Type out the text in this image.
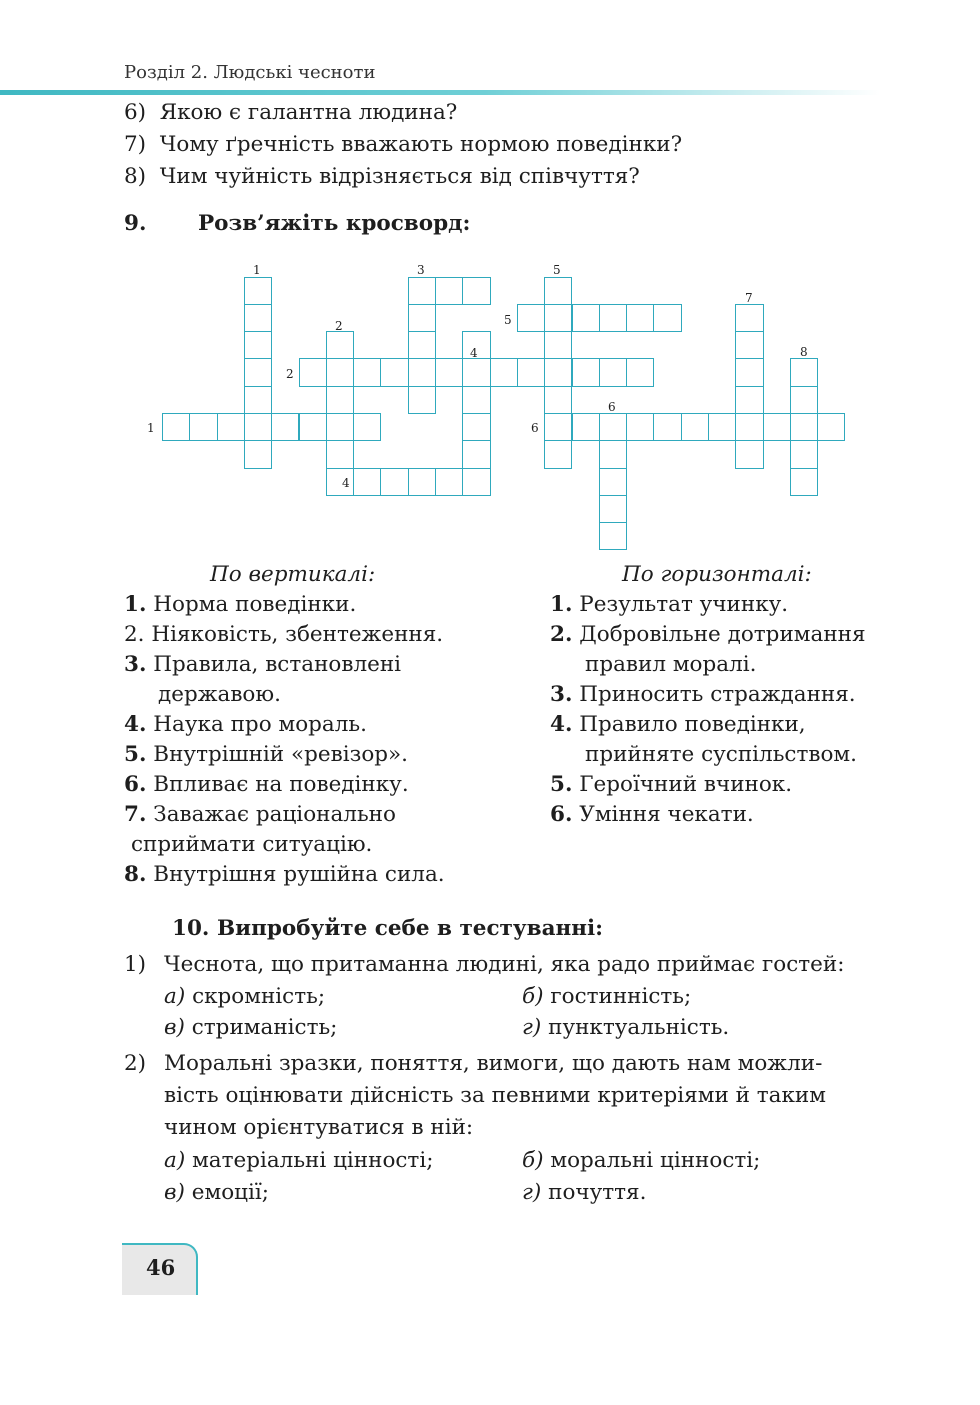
Розділ 2. Людські чесноти
6) Якою є галантна людина?
7) Чому ґречність вважають нормою поведінки?
8) Чим чуйність відрізняється від співчуття?
9. Розв’яжіть кросворд:
1	3	5
5
2
7
2
4	8
1
6
6
4
По вертикалі:	По горизонталі:
1. Норма поведінки.
2. Ніяковість, збентеження.
3. Правила, встановлені
державою.
4. Наука про мораль.
5. Внутрішній «ревізор».
6. Впливає на поведінку.
7. Заважає раціонально
сприймати ситуацію.
8. Внутрішня рушійна сила.
1. Результат учинку.
2. Добровільне дотримання
правил моралі.
3. Приносить страждання.
4. Правило поведінки,
прийняте суспільством.
5. Героїчний вчинок.
6. Уміння чекати.
10. Випробуйте себе в тестуванні:
1) Чеснота, що притаманна людині, яка радо приймає гостей:
а) скромність;	б) гостинність;
в) стриманість;	г) пунктуальність.
2) Моральні зразки, поняття, вимоги, що дають нам можли-
вість оцінювати дійсність за певними критеріями й таким
чином орієнтуватися в ній:
а) матеріальні цінності;	б) моральні цінності;
в) емоції;	г) почуття.
46
